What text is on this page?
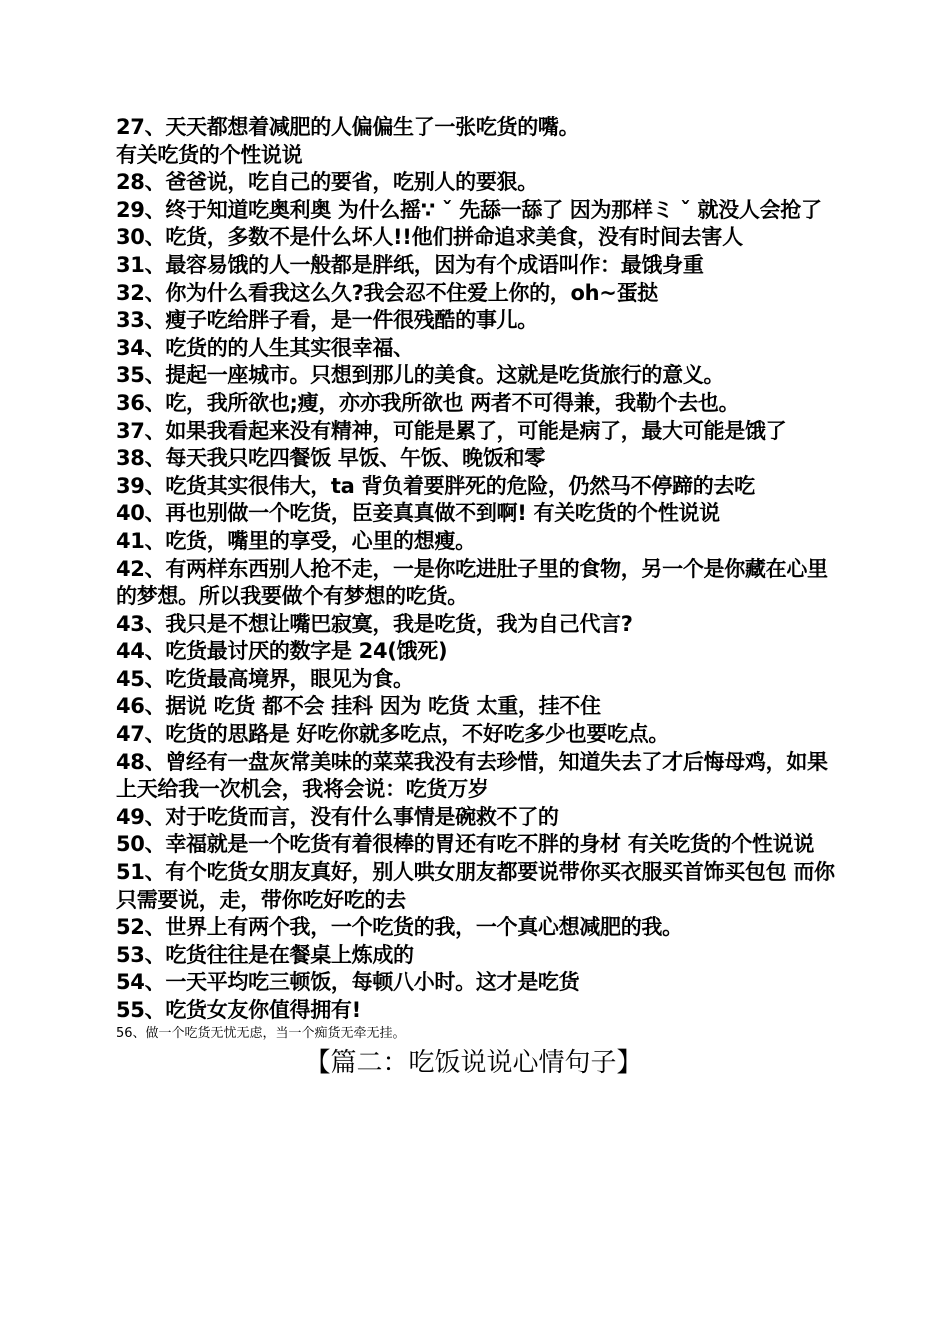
27、天天都想着减肥的人偏偏生了一张吃货的嘴。
有关吃货的个性说说
28、爸爸说，吃自己的要省，吃别人的要狠。
29、终于知道吃奥利奥 为什么摇∵ ˇ 先舔一舔了 因为那样ミ ˇ 就没人会抢了
30、吃货，多数不是什么坏人!!他们拼命追求美食，没有时间去害人
31、最容易饿的人一般都是胖纸，因为有个成语叫作：最饿身重
32、你为什么看我这么久?我会忍不住爱上你的，oh~蛋挞
33、瘦子吃给胖子看，是一件很残酷的事儿。
34、吃货的的人生其实很幸福、
35、提起一座城市。只想到那儿的美食。这就是吃货旅行的意义。
36、吃，我所欲也;瘦，亦亦我所欲也 两者不可得兼，我勒个去也。
37、如果我看起来没有精神，可能是累了，可能是病了，最大可能是饿了
38、每天我只吃四餐饭 早饭、午饭、晚饭和零
39、吃货其实很伟大，ta 背负着要胖死的危险，仍然马不停蹄的去吃
40、再也别做一个吃货，臣妾真真做不到啊! 有关吃货的个性说说
41、吃货，嘴里的享受，心里的想瘦。
42、有两样东西别人抢不走，一是你吃进肚子里的食物，另一个是你藏在心里的梦想。所以我要做个有梦想的吃货。
43、我只是不想让嘴巴寂寞，我是吃货，我为自己代言?
44、吃货最讨厌的数字是 24(饿死)
45、吃货最高境界，眼见为食。
46、据说 吃货 都不会 挂科 因为 吃货 太重，挂不住
47、吃货的思路是 好吃你就多吃点，不好吃多少也要吃点。
48、曾经有一盘灰常美味的菜菜我没有去珍惜，知道失去了才后悔母鸡，如果上天给我一次机会，我将会说：吃货万岁
49、对于吃货而言，没有什么事情是碗救不了的
50、幸福就是一个吃货有着很棒的胃还有吃不胖的身材 有关吃货的个性说说
51、有个吃货女朋友真好，别人哄女朋友都要说带你买衣服买首饰买包包 而你只需要说，走，带你吃好吃的去
52、世界上有两个我，一个吃货的我，一个真心想减肥的我。
53、吃货往往是在餐桌上炼成的
54、一天平均吃三顿饭，每顿八小时。这才是吃货
55、吃货女友你值得拥有!
56、做一个吃货无忧无虑，当一个痴货无牵无挂。
【篇二：吃饭说说心情句子】
